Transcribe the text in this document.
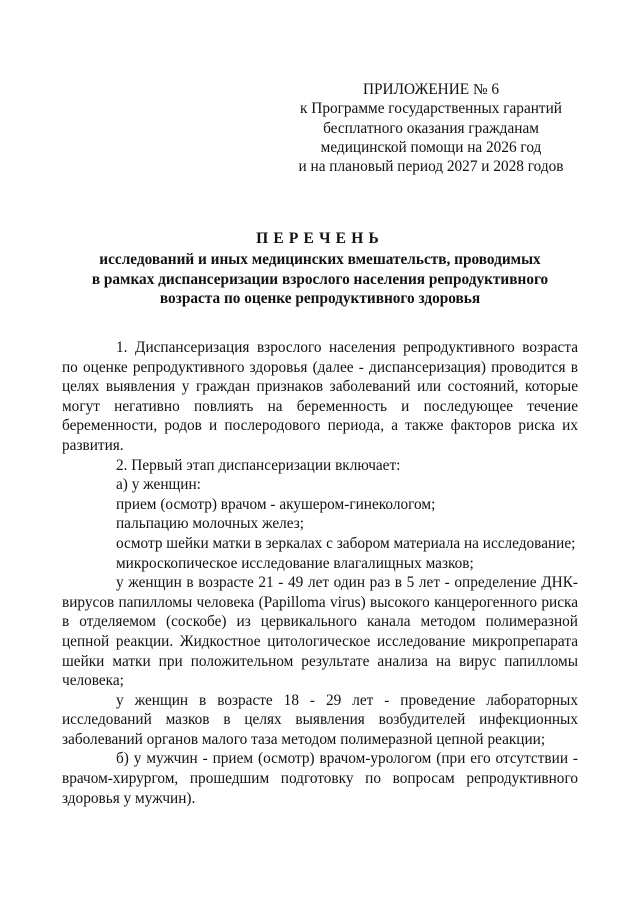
ПРИЛОЖЕНИЕ № 6
к Программе государственных гарантий
бесплатного оказания гражданам
медицинской помощи на 2026 год
и на плановый период 2027 и 2028 годов
ПЕРЕЧЕНЬ
исследований и иных медицинских вмешательств, проводимых
в рамках диспансеризации взрослого населения репродуктивного
возраста по оценке репродуктивного здоровья

1. Диспансеризация взрослого населения репродуктивного возраста по оценке репродуктивного здоровья (далее - диспансеризация) проводится в целях выявления у граждан признаков заболеваний или состояний, которые могут негативно повлиять на беременность и последующее течение беременности, родов и послеродового периода, а также факторов риска их развития.

2. Первый этап диспансеризации включает:

а) у женщин:

прием (осмотр) врачом - акушером-гинекологом;

пальпацию молочных желез;

осмотр шейки матки в зеркалах с забором материала на исследование;

микроскопическое исследование влагалищных мазков;

у женщин в возрасте 21 - 49 лет один раз в 5 лет - определение ДНК-вирусов папилломы человека (Papilloma virus) высокого канцерогенного риска в отделяемом (соскобе) из цервикального канала методом полимеразной цепной реакции. Жидкостное цитологическое исследование микропрепарата шейки матки при положительном результате анализа на вирус папилломы человека;

у женщин в возрасте 18 - 29 лет - проведение лабораторных исследований мазков в целях выявления возбудителей инфекционных заболеваний органов малого таза методом полимеразной цепной реакции;

б) у мужчин - прием (осмотр) врачом-урологом (при его отсутствии - врачом-хирургом, прошедшим подготовку по вопросам репродуктивного здоровья у мужчин).
